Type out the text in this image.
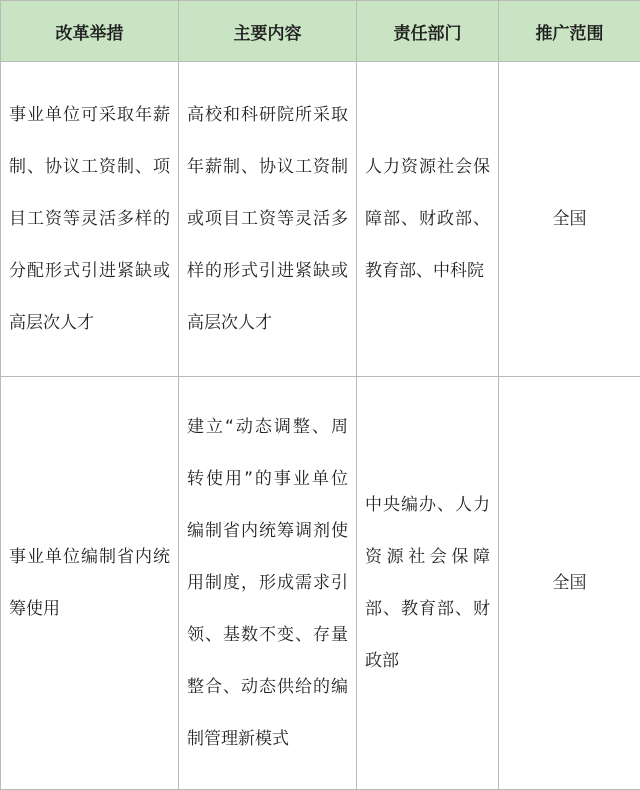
改革举措	主要内容	责任部门	推广范围

事业单位可采取年薪制、协议工资制、项目工资等灵活多样的分配形式引进紧缺或高层次人才	高校和科研院所采取年薪制、协议工资制或项目工资等灵活多样的形式引进紧缺或高层次人才	人力资源社会保障部、财政部、教育部、中科院	全国

事业单位编制省内统筹使用	建立“动态调整、周转使用”的事业单位编制省内统筹调剂使用制度，形成需求引领、基数不变、存量整合、动态供给的编制管理新模式	中央编办、人力资源社会保障部、教育部、财政部	全国
